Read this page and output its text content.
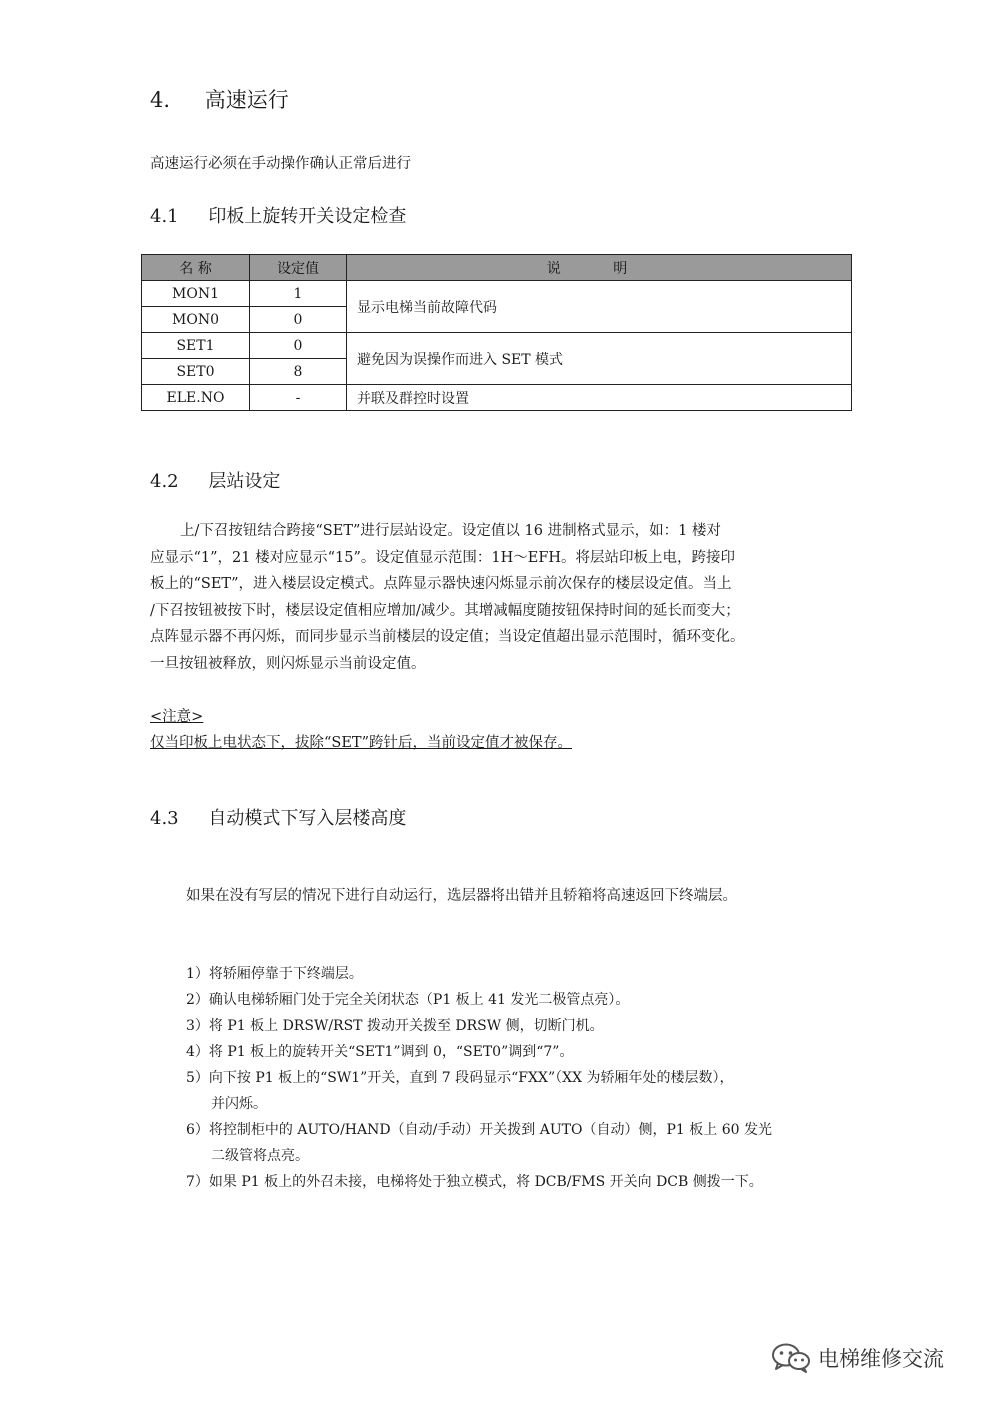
4. 高速运行
高速运行必须在手动操作确认正常后进行
4.1 印板上旋转开关设定检查
名 称	设定值	说 明
MON1	1	显示电梯当前故障代码
MON0	0	
SET1	0	避免因为误操作而进入 SET 模式
SET0	8	
ELE.NO	-	并联及群控时设置
4.2 层站设定
上/下召按钮结合跨接“SET”进行层站设定。设定值以 16 进制格式显示，如：1 楼对
应显示“1”，21 楼对应显示“15”。设定值显示范围：1H～EFH。将层站印板上电，跨接印
板上的“SET”，进入楼层设定模式。点阵显示器快速闪烁显示前次保存的楼层设定值。当上
/下召按钮被按下时，楼层设定值相应增加/减少。其增减幅度随按钮保持时间的延长而变大；
点阵显示器不再闪烁，而同步显示当前楼层的设定值；当设定值超出显示范围时，循环变化。
一旦按钮被释放，则闪烁显示当前设定值。
<注意>
仅当印板上电状态下，拔除“SET”跨针后，当前设定值才被保存。
4.3 自动模式下写入层楼高度
如果在没有写层的情况下进行自动运行，选层器将出错并且轿箱将高速返回下终端层。
1）将轿厢停靠于下终端层。
2）确认电梯轿厢门处于完全关闭状态（P1 板上 41 发光二极管点亮）。
3）将 P1 板上 DRSW/RST 拨动开关拨至 DRSW 侧，切断门机。
4）将 P1 板上的旋转开关“SET1”调到 0，“SET0”调到“7”。
5）向下按 P1 板上的“SW1”开关，直到 7 段码显示“FXX”（XX 为轿厢年处的楼层数），
并闪烁。
6）将控制柜中的 AUTO/HAND（自动/手动）开关拨到 AUTO（自动）侧，P1 板上 60 发光
二级管将点亮。
7）如果 P1 板上的外召未接，电梯将处于独立模式，将 DCB/FMS 开关向 DCB 侧拨一下。
电梯维修交流
